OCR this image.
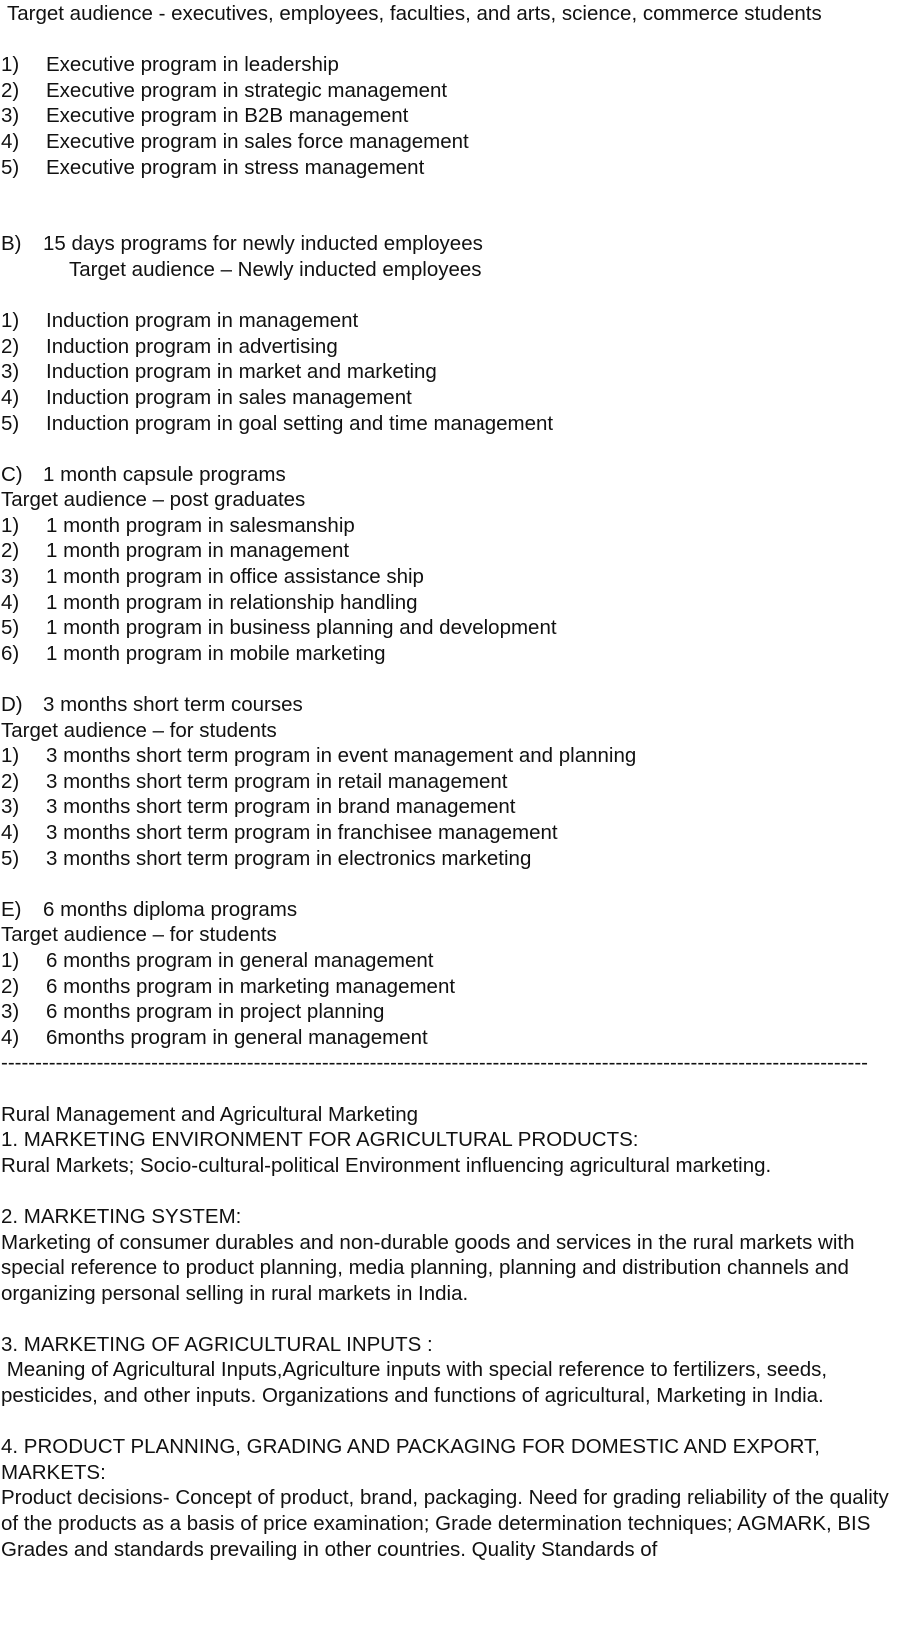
Target audience - executives, employees, faculties, and arts, science, commerce students
1)	Executive program in leadership
2)	Executive program in strategic management
3)	Executive program in B2B management
4)	Executive program in sales force management
5)	Executive program in stress management
B)	15 days programs for newly inducted employees
Target audience – Newly inducted employees
1)	Induction program in management
2)	Induction program in advertising
3)	Induction program in market and marketing
4)	Induction program in sales management
5)	Induction program in goal setting and time management
C) 1 month capsule programs
Target audience – post graduates
1)	1 month program in salesmanship
2)	1 month program in management
3)	1 month program in office assistance ship
4)	1 month program in relationship handling
5)	1 month program in business planning and development
6)	1 month program in mobile marketing
D) 3 months short term courses
Target audience – for students
1)	3 months short term program in event management and planning
2)	3 months short term program in retail management
3)	3 months short term program in brand management
4)	3 months short term program in franchisee management
5)	3 months short term program in electronics marketing
E)	6 months diploma programs
Target audience – for students
1)	6 months program in general management
2)	6 months program in marketing management
3)	6 months program in project planning
4)	6months program in general management
-------------------------------------------------------------------------------------------------------------------------------
Rural Management and Agricultural Marketing
1. MARKETING ENVIRONMENT FOR AGRICULTURAL PRODUCTS:
Rural Markets; Socio-cultural-political Environment influencing agricultural marketing.
2. MARKETING SYSTEM:
Marketing of consumer durables and non-durable goods and services in the rural markets with special reference to product planning, media planning, planning and distribution channels and organizing personal selling in rural markets in India.
3. MARKETING OF AGRICULTURAL INPUTS :
Meaning of Agricultural Inputs,Agriculture inputs with special reference to fertilizers, seeds, pesticides, and other inputs. Organizations and functions of agricultural, Marketing in India.
4. PRODUCT PLANNING, GRADING AND PACKAGING FOR DOMESTIC AND EXPORT, MARKETS:
Product decisions- Concept of product, brand, packaging. Need for grading reliability of the quality of the products as a basis of price examination; Grade determination techniques; AGMARK, BIS Grades and standards prevailing in other countries. Quality Standards of
